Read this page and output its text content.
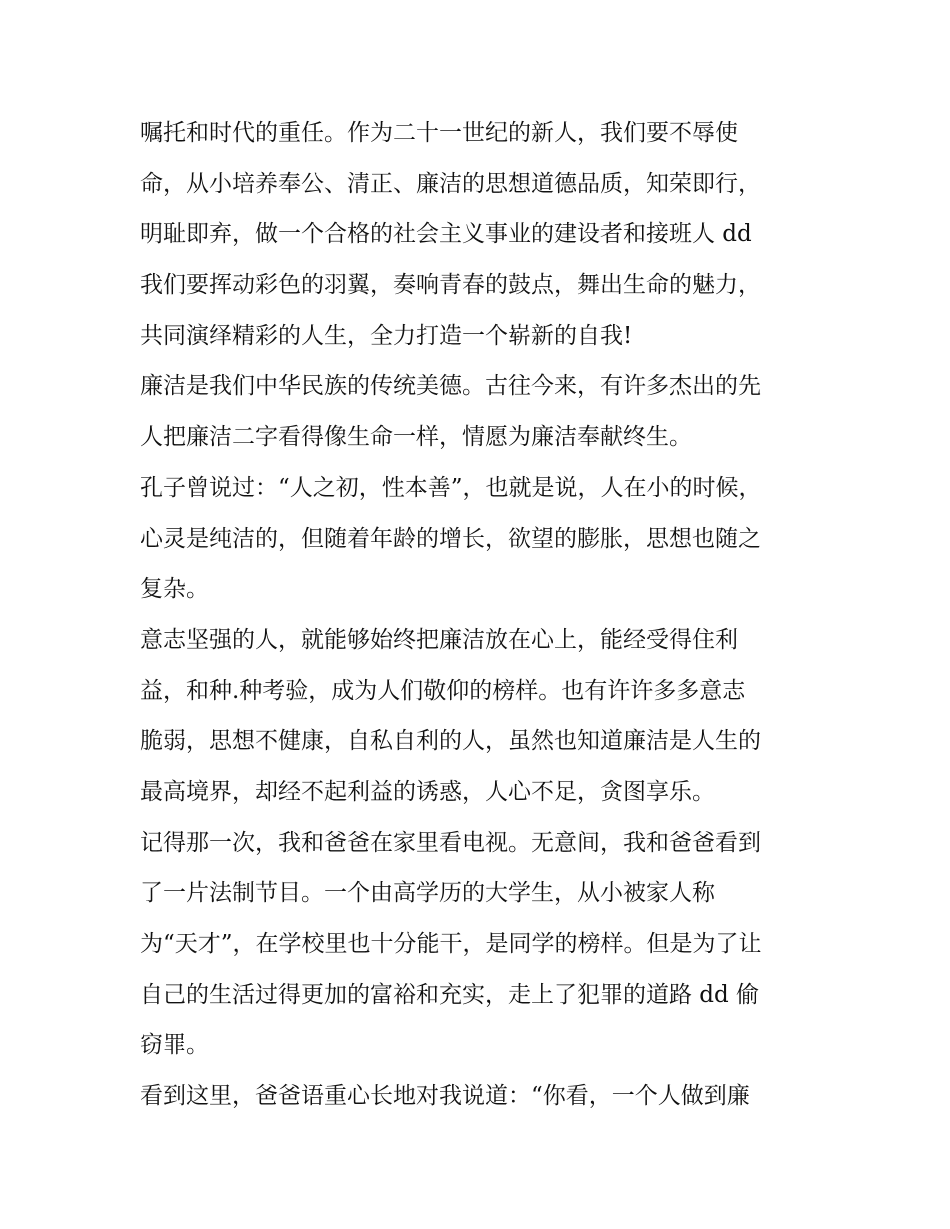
嘱托和时代的重任。作为二十一世纪的新人，我们要不辱使
命，从小培养奉公、清正、廉洁的思想道德品质，知荣即行，
明耻即弃，做一个合格的社会主义事业的建设者和接班人 dd
我们要挥动彩色的羽翼，奏响青春的鼓点，舞出生命的魅力，
共同演绎精彩的人生，全力打造一个崭新的自我!
廉洁是我们中华民族的传统美德。古往今来，有许多杰出的先
人把廉洁二字看得像生命一样，情愿为廉洁奉献终生。
孔子曾说过：“人之初，性本善”，也就是说，人在小的时候，
心灵是纯洁的，但随着年龄的增长，欲望的膨胀，思想也随之
复杂。
意志坚强的人，就能够始终把廉洁放在心上，能经受得住利
益，和种.种考验，成为人们敬仰的榜样。也有许许多多意志
脆弱，思想不健康，自私自利的人，虽然也知道廉洁是人生的
最高境界，却经不起利益的诱惑，人心不足，贪图享乐。
记得那一次，我和爸爸在家里看电视。无意间，我和爸爸看到
了一片法制节目。一个由高学历的大学生，从小被家人称
为“天才”，在学校里也十分能干，是同学的榜样。但是为了让
自己的生活过得更加的富裕和充实，走上了犯罪的道路 dd 偷
窃罪。
看到这里，爸爸语重心长地对我说道：“你看，一个人做到廉
